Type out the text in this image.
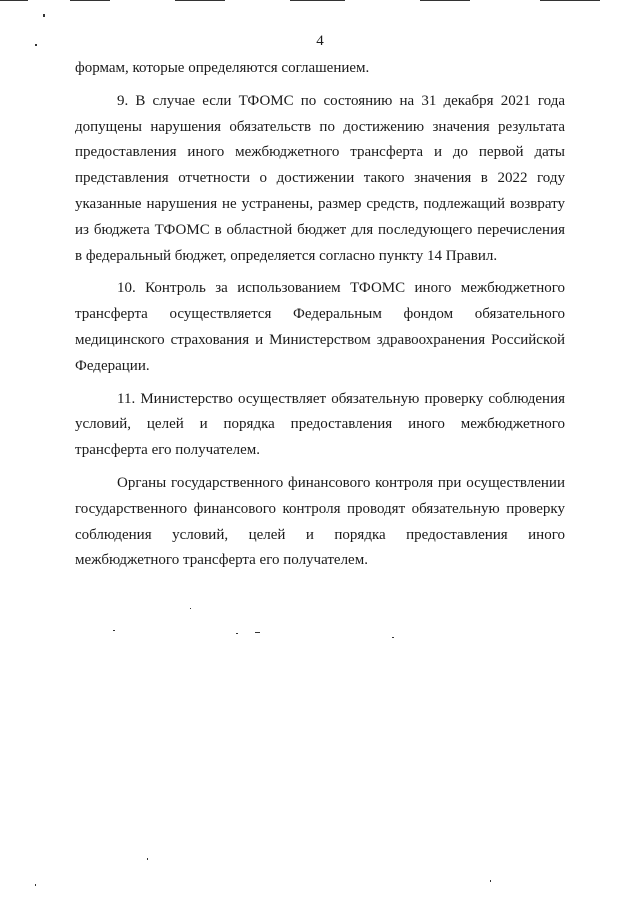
4

формам, которые определяются соглашением.

9. В случае если ТФОМС по состоянию на 31 декабря 2021 года допущены нарушения обязательств по достижению значения результата предоставления иного межбюджетного трансферта и до первой даты представления отчетности о достижении такого значения в 2022 году указанные нарушения не устранены, размер средств, подлежащий возврату из бюджета ТФОМС в областной бюджет для последующего перечисления в федеральный бюджет, определяется согласно пункту 14 Правил.

10. Контроль за использованием ТФОМС иного межбюджетного трансферта осуществляется Федеральным фондом обязательного медицинского страхования и Министерством здравоохранения Российской Федерации.

11. Министерство осуществляет обязательную проверку соблюдения условий, целей и порядка предоставления иного межбюджетного трансферта его получателем.

Органы государственного финансового контроля при осуществлении государственного финансового контроля проводят обязательную проверку соблюдения условий, целей и порядка предоставления иного межбюджетного трансферта его получателем.
